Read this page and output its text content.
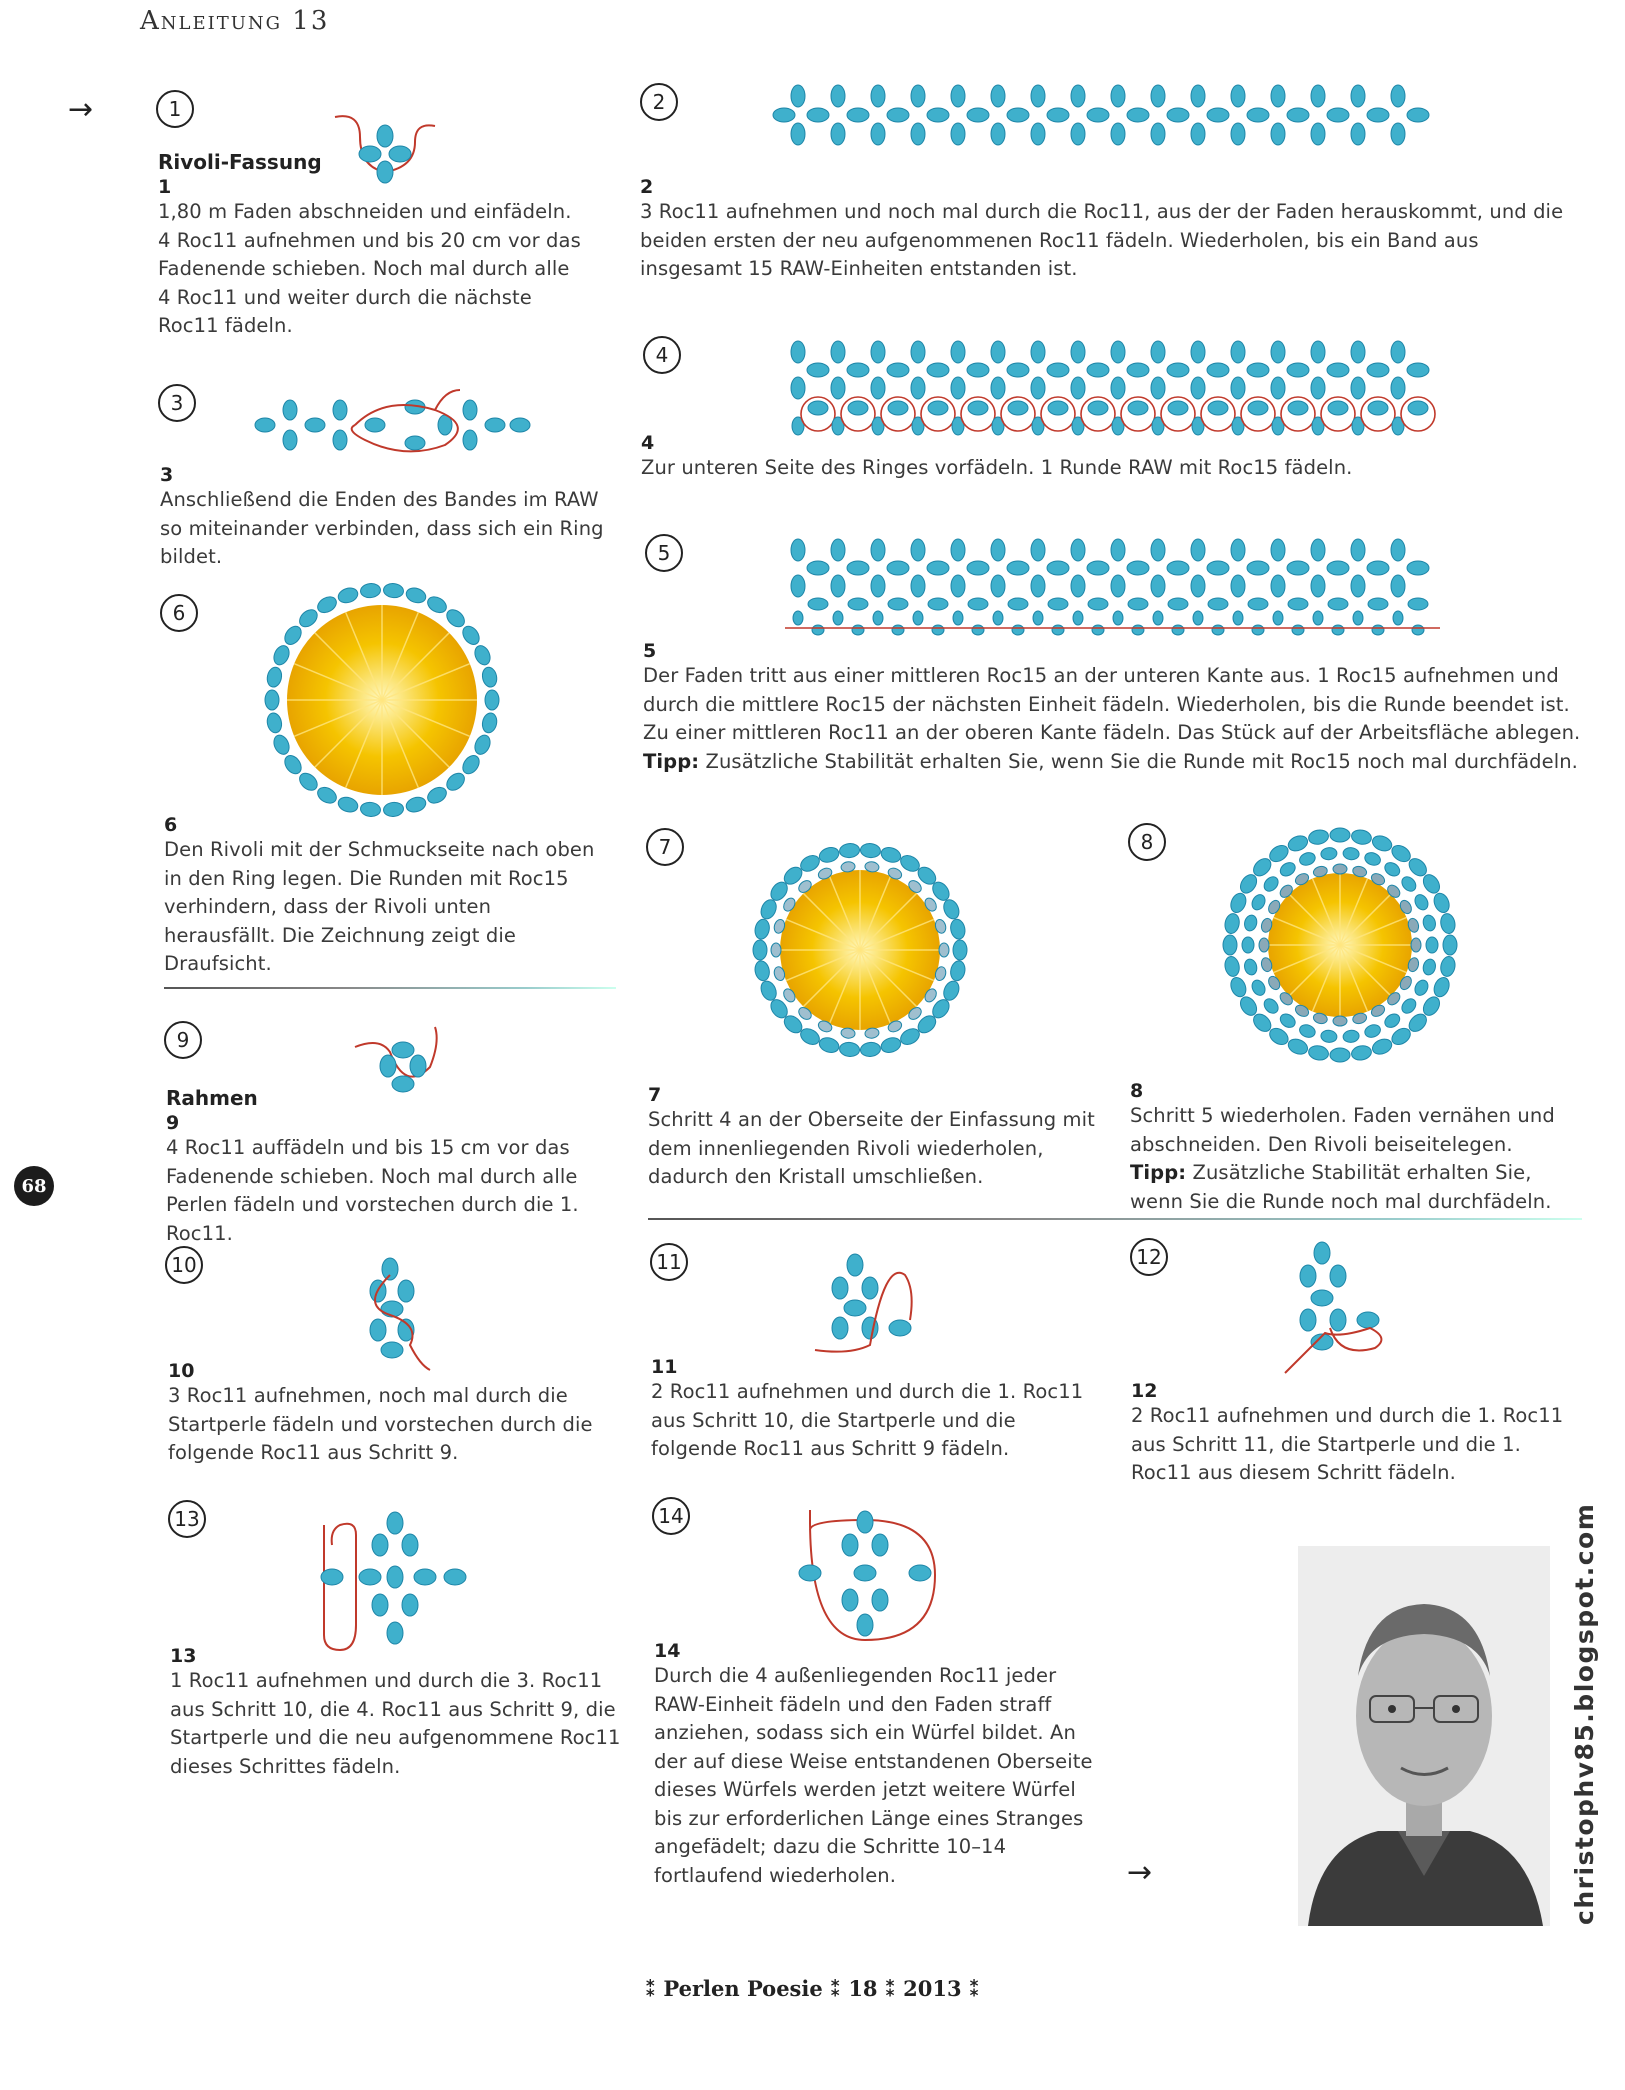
Anleitung 13
→
68
1
Rivoli-Fassung
1
1,80 m Faden abschneiden und einfädeln. 4 Roc11 aufnehmen und bis 20 cm vor das Fadenende schieben. Noch mal durch alle 4 Roc11 und weiter durch die nächste Roc11 fädeln.
3
3
Anschließend die Enden des Bandes im RAW so miteinander verbinden, dass sich ein Ring bildet.
6
6
Den Rivoli mit der Schmuckseite nach oben in den Ring legen. Die Runden mit Roc15 verhindern, dass der Rivoli unten herausfällt. Die Zeichnung zeigt die Draufsicht.
9
Rahmen
9
4 Roc11 auffädeln und bis 15 cm vor das Fadenende schieben. Noch mal durch alle Perlen fädeln und vorstechen durch die 1. Roc11.
10
10
3 Roc11 aufnehmen, noch mal durch die Startperle fädeln und vorstechen durch die folgende Roc11 aus Schritt 9.
13
13
1 Roc11 aufnehmen und durch die 3. Roc11 aus Schritt 10, die 4. Roc11 aus Schritt 9, die Startperle und die neu aufgenommene Roc11 dieses Schrittes fädeln.
2
2
3 Roc11 aufnehmen und noch mal durch die Roc11, aus der der Faden herauskommt, und die beiden ersten der neu aufgenommenen Roc11 fädeln. Wiederholen, bis ein Band aus insgesamt 15 RAW-Einheiten entstanden ist.
4
4
Zur unteren Seite des Ringes vorfädeln. 1 Runde RAW mit Roc15 fädeln.
5
5
Der Faden tritt aus einer mittleren Roc15 an der unteren Kante aus. 1 Roc15 aufnehmen und durch die mittlere Roc15 der nächsten Einheit fädeln. Wiederholen, bis die Runde beendet ist. Zu einer mittleren Roc11 an der oberen Kante fädeln. Das Stück auf der Arbeitsfläche ablegen. Tipp: Zusätzliche Stabilität erhalten Sie, wenn Sie die Runde mit Roc15 noch mal durchfädeln.
7
7
Schritt 4 an der Oberseite der Einfassung mit dem innenliegenden Rivoli wiederholen, dadurch den Kristall umschließen.
8
8
Schritt 5 wiederholen. Faden vernähen und abschneiden. Den Rivoli beiseitelegen. Tipp: Zusätzliche Stabilität erhalten Sie, wenn Sie die Runde noch mal durchfädeln.
11
11
2 Roc11 aufnehmen und durch die 1. Roc11 aus Schritt 10, die Startperle und die folgende Roc11 aus Schritt 9 fädeln.
12
12
2 Roc11 aufnehmen und durch die 1. Roc11 aus Schritt 11, die Startperle und die 1. Roc11 aus diesem Schritt fädeln.
14
14
Durch die 4 außenliegenden Roc11 jeder RAW-Einheit fädeln und den Faden straff anziehen, sodass sich ein Würfel bildet. An der auf diese Weise entstandenen Oberseite dieses Würfels werden jetzt weitere Würfel bis zur erforderlichen Länge eines Stranges angefädelt; dazu die Schritte 10–14 fortlaufend wiederholen.	→
⁑ Perlen Poesie ⁑ 18 ⁑ 2013 ⁑
christophv85.blogspot.com
